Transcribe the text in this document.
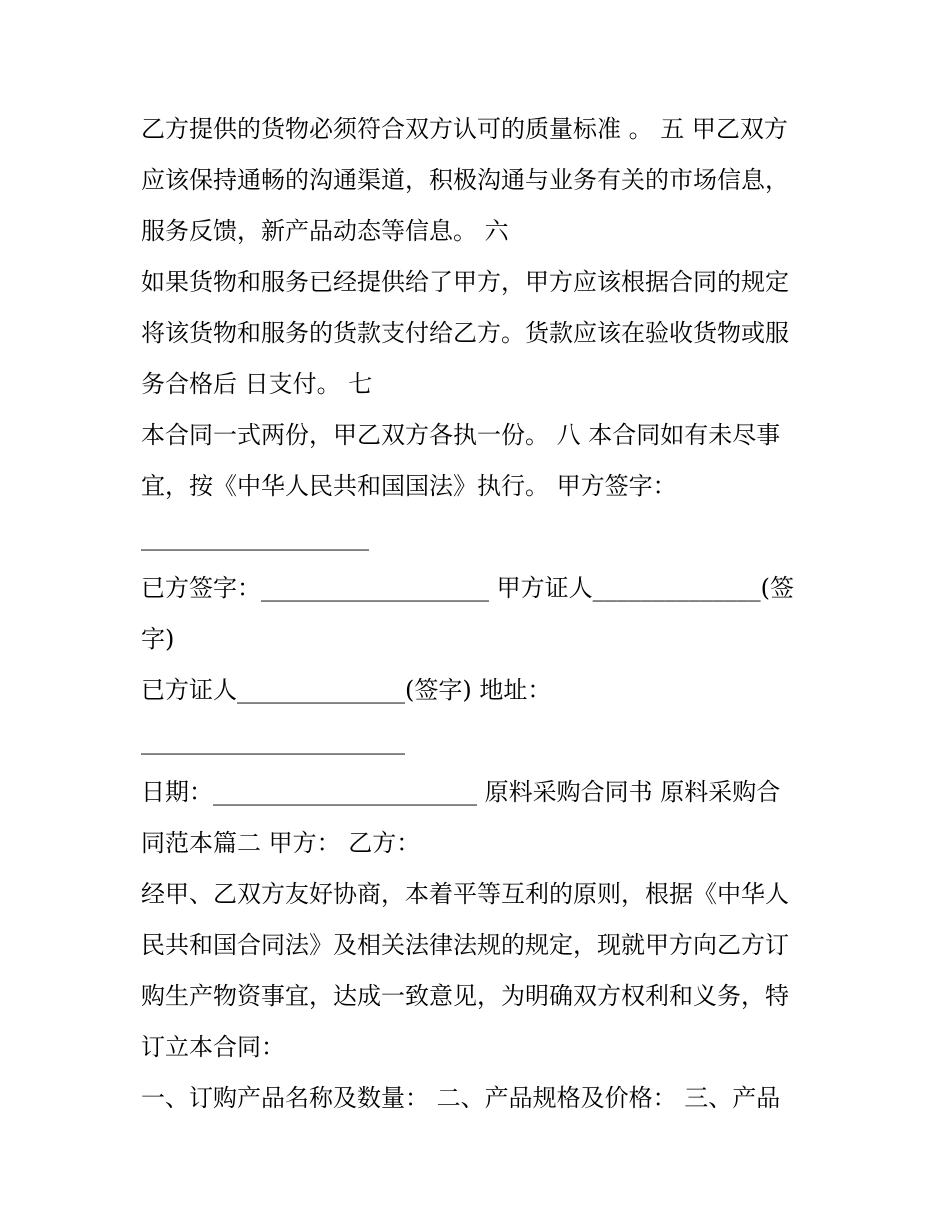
乙方提供的货物必须符合双方认可的质量标准 。 五 甲乙双方
应该保持通畅的沟通渠道，积极沟通与业务有关的市场信息，
服务反馈，新产品动态等信息。 六
如果货物和服务已经提供给了甲方，甲方应该根据合同的规定
将该货物和服务的货款支付给乙方。货款应该在验收货物或服
务合格后 日支付。 七
本合同一式两份，甲乙双方各执一份。 八 本合同如有未尽事
宜，按《中华人民共和国国法》执行。 甲方签字：
___________________
已方签字：___________________ 甲方证人______________(签
字)
已方证人______________(签字) 地址：
______________________
日期：______________________ 原料采购合同书 原料采购合
同范本篇二 甲方： 乙方：
经甲、乙双方友好协商，本着平等互利的原则，根据《中华人
民共和国合同法》及相关法律法规的规定，现就甲方向乙方订
购生产物资事宜，达成一致意见，为明确双方权利和义务，特
订立本合同：
一、订购产品名称及数量： 二、产品规格及价格： 三、产品
